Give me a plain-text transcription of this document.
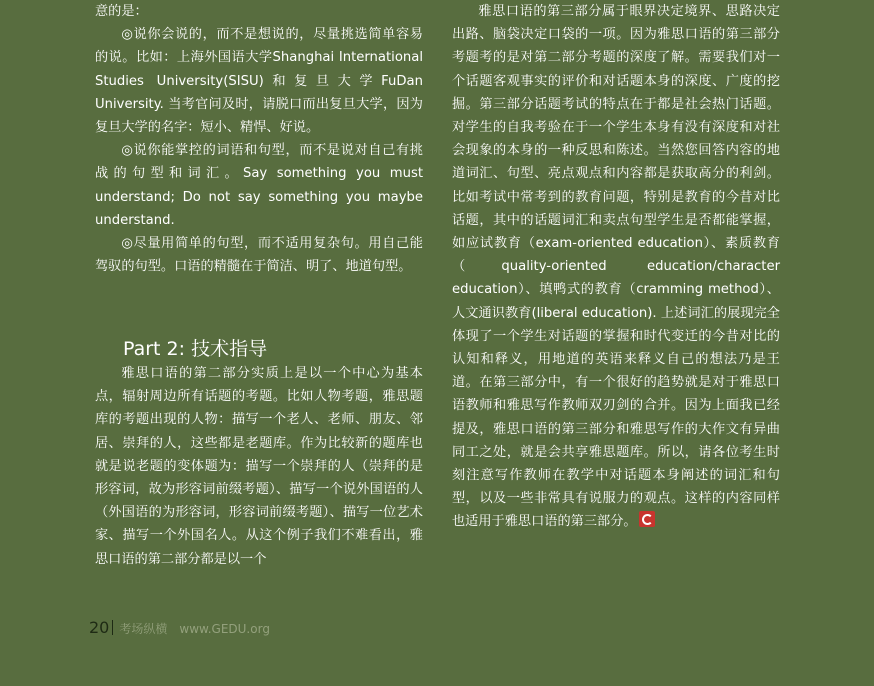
意的是：

◎说你会说的，而不是想说的，尽量挑选简单容易的说。比如：上海外国语大学Shanghai International Studies University(SISU)和复旦大学FuDan University. 当考官问及时，请脱口而出复旦大学，因为复旦大学的名字：短小、精悍、好说。

◎说你能掌控的词语和句型，而不是说对自己有挑战的句型和词汇。Say something you must understand; Do not say something you maybe understand.

◎尽量用简单的句型，而不适用复杂句。用自己能驾驭的句型。口语的精髓在于简洁、明了、地道句型。

Part 2: 技术指导

雅思口语的第二部分实质上是以一个中心为基本点，辐射周边所有话题的考题。比如人物考题，雅思题库的考题出现的人物：描写一个老人、老师、朋友、邻居、崇拜的人，这些都是老题库。作为比较新的题库也就是说老题的变体题为：描写一个崇拜的人（崇拜的是形容词，故为形容词前缀考题）、描写一个说外国语的人（外国语的为形容词，形容词前缀考题）、描写一位艺术家、描写一个外国名人。从这个例子我们不难看出，雅思口语的第二部分都是以一个

雅思口语的第三部分属于眼界决定境界、思路决定出路、脑袋决定口袋的一项。因为雅思口语的第三部分考题考的是对第二部分考题的深度了解。需要我们对一个话题客观事实的评价和对话题本身的深度、广度的挖掘。第三部分话题考试的特点在于都是社会热门话题。对学生的自我考验在于一个学生本身有没有深度和对社会现象的本身的一种反思和陈述。当然您回答内容的地道词汇、句型、亮点观点和内容都是获取高分的利剑。比如考试中常考到的教育问题，特别是教育的今昔对比话题，其中的话题词汇和卖点句型学生是否都能掌握，如应试教育（exam-oriented education）、素质教育（quality-oriented education/character education）、填鸭式的教育（cramming method）、人文通识教育(liberal education). 上述词汇的展现完全体现了一个学生对话题的掌握和时代变迁的今昔对比的认知和释义，用地道的英语来释义自己的想法乃是王道。在第三部分中，有一个很好的趋势就是对于雅思口语教师和雅思写作教师双刃剑的合并。因为上面我已经提及，雅思口语的第三部分和雅思写作的大作文有异曲同工之处，就是会共享雅思题库。所以，请各位考生时刻注意写作教师在教学中对话题本身阐述的词汇和句型，以及一些非常具有说服力的观点。这样的内容同样也适用于雅思口语的第三部分。

20 考场纵横 www.GEDU.org
